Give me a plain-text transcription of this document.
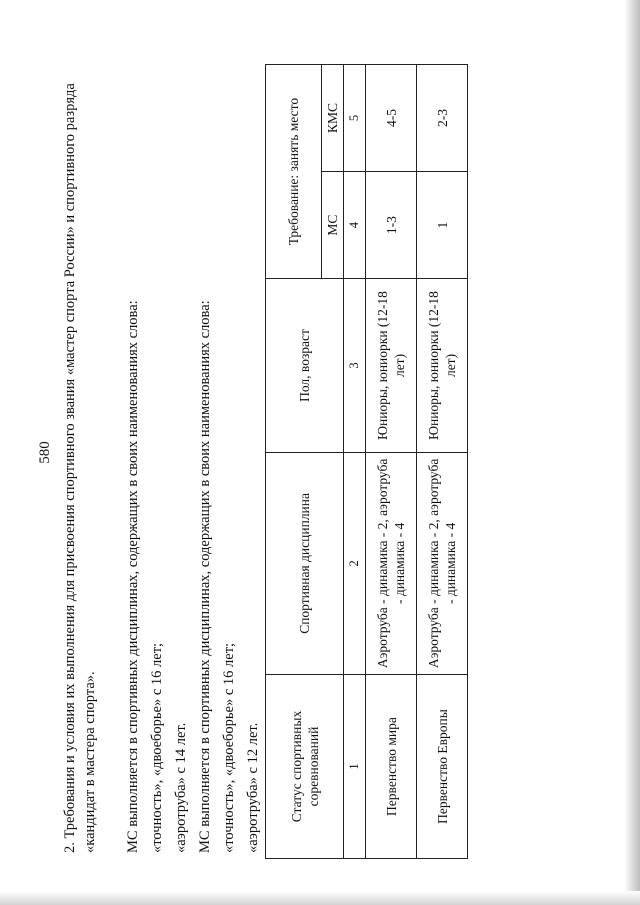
580 2. Требования и условия их выполнения для присвоения спортивного звания «мастер спорта России» и спортивного разряда «кандидат в мастера спорта». МС выполняется в спортивных дисциплинах, содержащих в своих наименованиях слова: «точность», «двоеборье» с 16 лет; «аэротруба» с 14 лет. МС выполняется в спортивных дисциплинах, содержащих в своих наименованиях слова: «точность», «двоеборье» с 16 лет; «аэротруба» с 12 лет. Статус спортивных соревнований	Спортивная дисциплина	Пол, возраст	Требование: занять место	
			МС	КМС
1	2	3	4	5
Первенство мира	Аэротруба - динамика - 2, аэротруба - динамика - 4	Юниоры, юниорки (12-18 лет)	1-3	4-5
Первенство Европы	Аэротруба - динамика - 2, аэротруба - динамика - 4	Юниоры, юниорки (12-18 лет)	1	2-3
